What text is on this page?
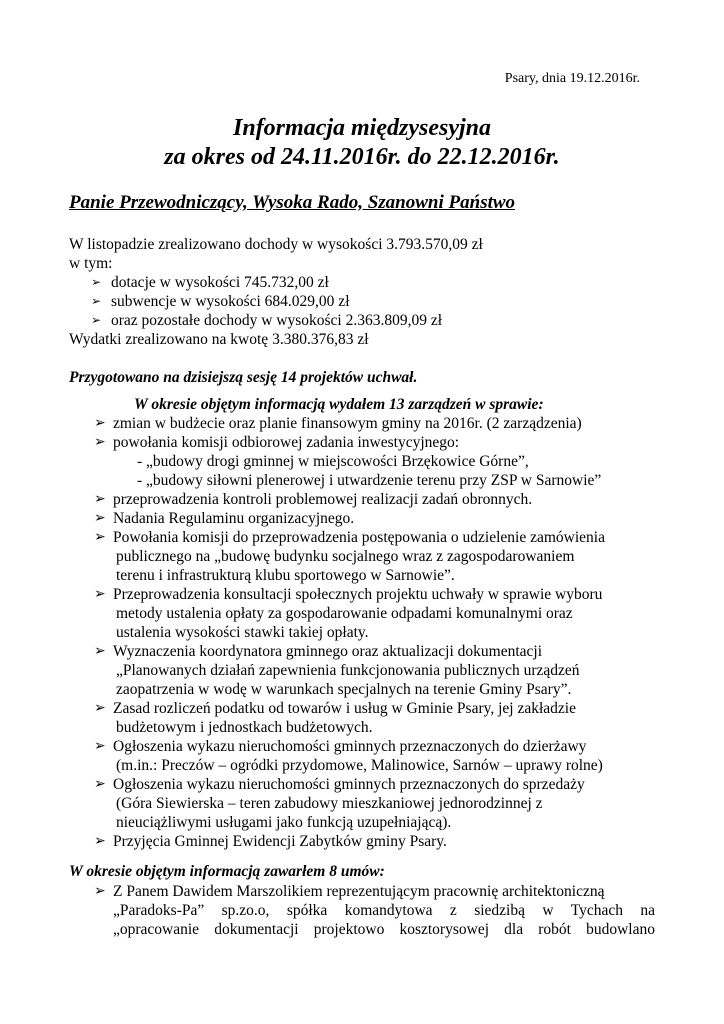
Psary, dnia 19.12.2016r.
Informacja międzysesyjna
za okres od 24.11.2016r. do 22.12.2016r.
Panie Przewodniczący, Wysoka Rado, Szanowni Państwo
W listopadzie zrealizowano dochody w wysokości 3.793.570,09 zł
w tym:
➢ dotacje w wysokości 745.732,00 zł
➢ subwencje w wysokości 684.029,00 zł
➢ oraz pozostałe dochody w wysokości 2.363.809,09 zł
Wydatki zrealizowano na kwotę 3.380.376,83 zł
Przygotowano na dzisiejszą sesję 14 projektów uchwał.
W okresie objętym informacją wydałem 13 zarządzeń w sprawie:
➢ zmian w budżecie oraz planie finansowym gminy na 2016r. (2 zarządzenia)
➢ powołania komisji odbiorowej zadania inwestycyjnego:
- „budowy drogi gminnej w miejscowości Brzękowice Górne”,
- „budowy siłowni plenerowej i utwardzenie terenu przy ZSP w Sarnowie”
➢ przeprowadzenia kontroli problemowej realizacji zadań obronnych.
➢ Nadania Regulaminu organizacyjnego.
➢ Powołania komisji do przeprowadzenia postępowania o udzielenie zamówienia
publicznego na „budowę budynku socjalnego wraz z zagospodarowaniem
terenu i infrastrukturą klubu sportowego w Sarnowie”.
➢ Przeprowadzenia konsultacji społecznych projektu uchwały w sprawie wyboru
metody ustalenia opłaty za gospodarowanie odpadami komunalnymi oraz
ustalenia wysokości stawki takiej opłaty.
➢ Wyznaczenia koordynatora gminnego oraz aktualizacji dokumentacji
„Planowanych działań zapewnienia funkcjonowania publicznych urządzeń
zaopatrzenia w wodę w warunkach specjalnych na terenie Gminy Psary”.
➢ Zasad rozliczeń podatku od towarów i usług w Gminie Psary, jej zakładzie
budżetowym i jednostkach budżetowych.
➢ Ogłoszenia wykazu nieruchomości gminnych przeznaczonych do dzierżawy
(m.in.: Preczów – ogródki przydomowe, Malinowice, Sarnów – uprawy rolne)
➢ Ogłoszenia wykazu nieruchomości gminnych przeznaczonych do sprzedaży
(Góra Siewierska – teren zabudowy mieszkaniowej jednorodzinnej z
nieuciążliwymi usługami jako funkcją uzupełniającą).
➢ Przyjęcia Gminnej Ewidencji Zabytków gminy Psary.
W okresie objętym informacją zawarłem 8 umów:
➢ Z Panem Dawidem Marszolikiem reprezentującym pracownię architektoniczną
„Paradoks-Pa” sp.zo.o, spółka komandytowa z siedzibą w Tychach na
„opracowanie dokumentacji projektowo kosztorysowej dla robót budowlano
